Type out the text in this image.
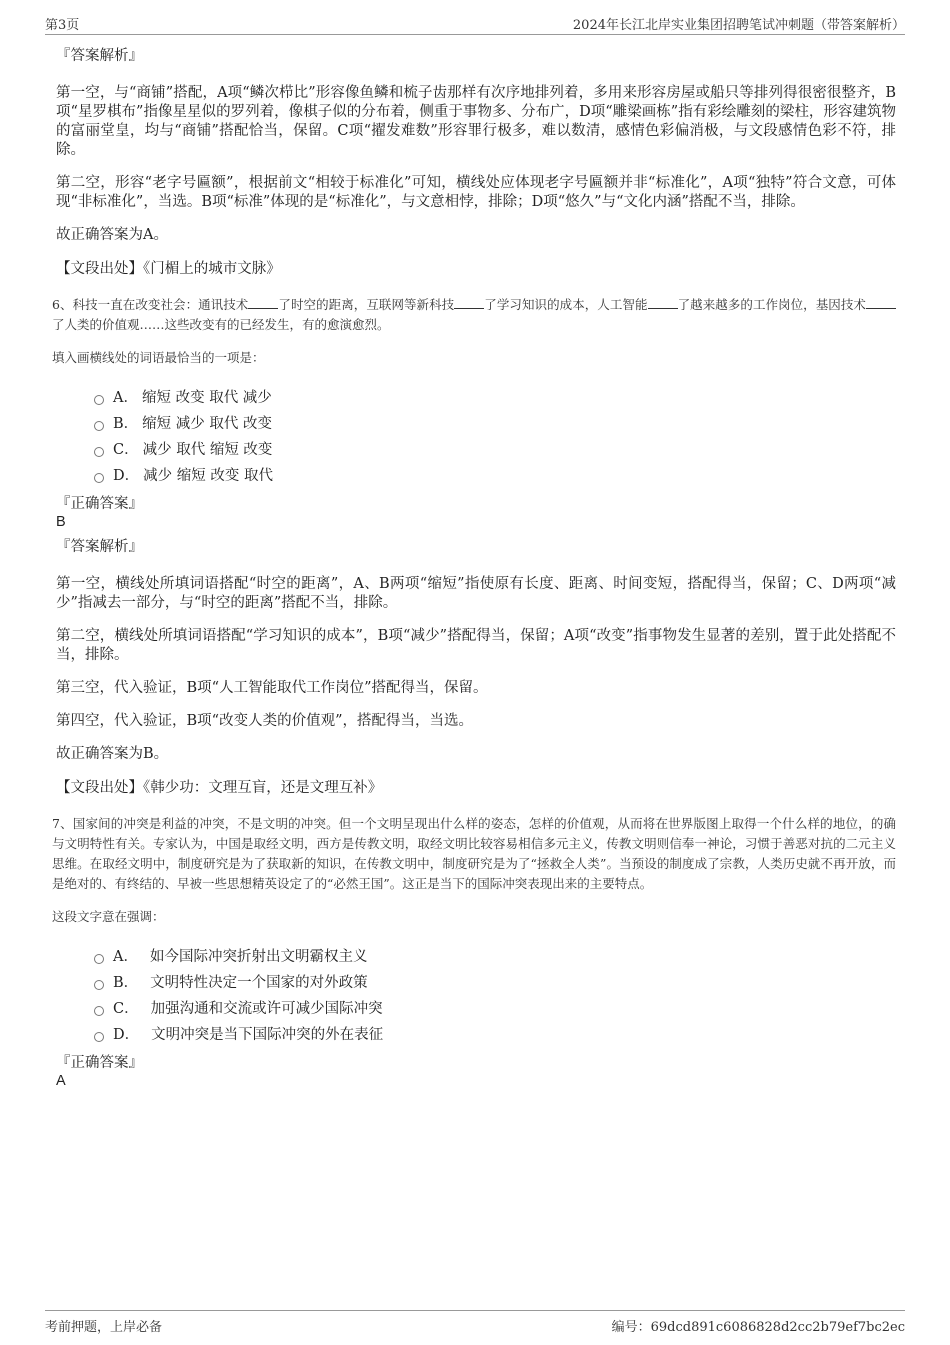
第3页	2024年长江北岸实业集团招聘笔试冲刺题（带答案解析）
『答案解析』
第一空，与“商铺”搭配，A项“鳞次栉比”形容像鱼鳞和梳子齿那样有次序地排列着，多用来形容房屋或船只等排列得很密很整齐，B项“星罗棋布”指像星星似的罗列着，像棋子似的分布着，侧重于事物多、分布广，D项“雕梁画栋”指有彩绘雕刻的梁柱，形容建筑物的富丽堂皇，均与“商铺”搭配恰当，保留。C项“擢发难数”形容罪行极多，难以数清，感情色彩偏消极，与文段感情色彩不符，排除。
第二空，形容“老字号匾额”，根据前文“相较于标准化”可知，横线处应体现老字号匾额并非“标准化”，A项“独特”符合文意，可体现“非标准化”，当选。B项“标准”体现的是“标准化”，与文意相悖，排除；D项“悠久”与“文化内涵”搭配不当，排除。
故正确答案为A。
【文段出处】《门楣上的城市文脉》
6、科技一直在改变社会：通讯技术 了时空的距离，互联网等新科技 了学习知识的成本，人工智能 了越来越多的工作岗位，基因技术了人类的价值观……这些改变有的已经发生，有的愈演愈烈。
填入画横线处的词语最恰当的一项是：
A． 缩短 改变 取代 减少
B． 缩短 减少 取代 改变
C． 减少 取代 缩短 改变
D． 减少 缩短 改变 取代
『正确答案』
B
『答案解析』
第一空，横线处所填词语搭配“时空的距离”，A、B两项“缩短”指使原有长度、距离、时间变短，搭配得当，保留；C、D两项“减少”指减去一部分，与“时空的距离”搭配不当，排除。
第二空，横线处所填词语搭配“学习知识的成本”，B项“减少”搭配得当，保留；A项“改变”指事物发生显著的差别，置于此处搭配不当，排除。
第三空，代入验证，B项“人工智能取代工作岗位”搭配得当，保留。
第四空，代入验证，B项“改变人类的价值观”，搭配得当，当选。
故正确答案为B。
【文段出处】《韩少功：文理互盲，还是文理互补》
7、国家间的冲突是利益的冲突，不是文明的冲突。但一个文明呈现出什么样的姿态，怎样的价值观，从而将在世界版图上取得一个什么样的地位，的确与文明特性有关。专家认为，中国是取经文明，西方是传教文明，取经文明比较容易相信多元主义，传教文明则信奉一神论，习惯于善恶对抗的二元主义思维。在取经文明中，制度研究是为了获取新的知识，在传教文明中，制度研究是为了“拯救全人类”。当预设的制度成了宗教，人类历史就不再开放，而是绝对的、有终结的、早被一些思想精英设定了的“必然王国”。这正是当下的国际冲突表现出来的主要特点。
这段文字意在强调：
A． 如今国际冲突折射出文明霸权主义
B． 文明特性决定一个国家的对外政策
C． 加强沟通和交流或许可减少国际冲突
D． 文明冲突是当下国际冲突的外在表征
『正确答案』
A
考前押题，上岸必备	编号：69dcd891c6086828d2cc2b79ef7bc2ec
